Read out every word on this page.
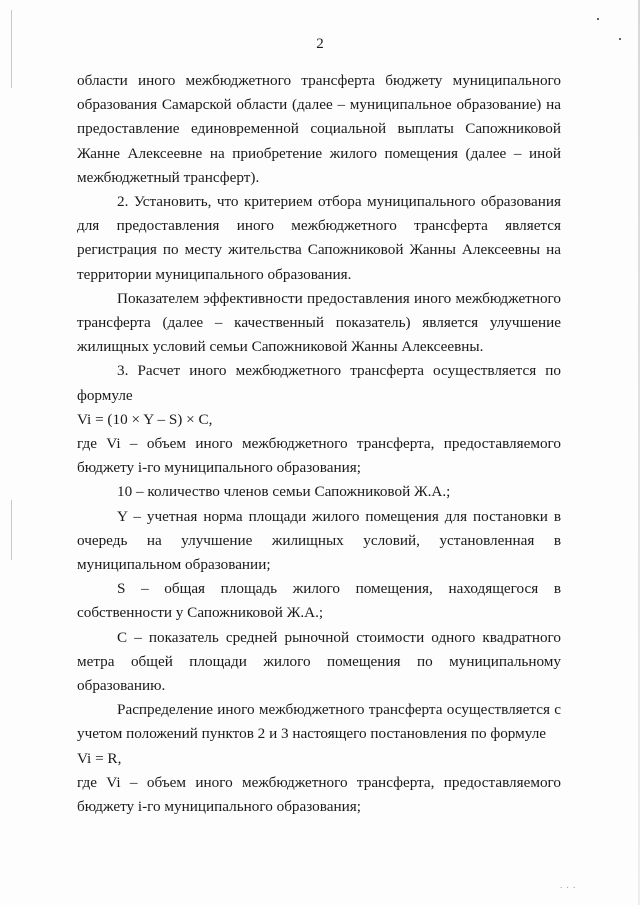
. . .
2

области иного межбюджетного трансферта бюджету муниципального образования Самарской области (далее – муниципальное образование) на предоставление единовременной социальной выплаты Сапожниковой Жанне Алексеевне на приобретение жилого помещения (далее – иной межбюджетный трансферт).

2. Установить, что критерием отбора муниципального образования для предоставления иного межбюджетного трансферта является регистрация по месту жительства Сапожниковой Жанны Алексеевны на территории муниципального образования.

Показателем эффективности предоставления иного межбюджетного трансферта (далее – качественный показатель) является улучшение жилищных условий семьи Сапожниковой Жанны Алексеевны.

3. Расчет иного межбюджетного трансферта осуществляется по формуле

Vi = (10 × Y – S) × C,

где Vi – объем иного межбюджетного трансферта, предоставляемого бюджету i-го муниципального образования;

10 – количество членов семьи Сапожниковой Ж.А.;

Y – учетная норма площади жилого помещения для постановки в очередь на улучшение жилищных условий, установленная в муниципальном образовании;

S – общая площадь жилого помещения, находящегося в собственности у Сапожниковой Ж.А.;

C – показатель средней рыночной стоимости одного квадратного метра общей площади жилого помещения по муниципальному образованию.

Распределение иного межбюджетного трансферта осуществляется с учетом положений пунктов 2 и 3 настоящего постановления по формуле

Vi = R,

где Vi – объем иного межбюджетного трансферта, предоставляемого бюджету i-го муниципального образования;
